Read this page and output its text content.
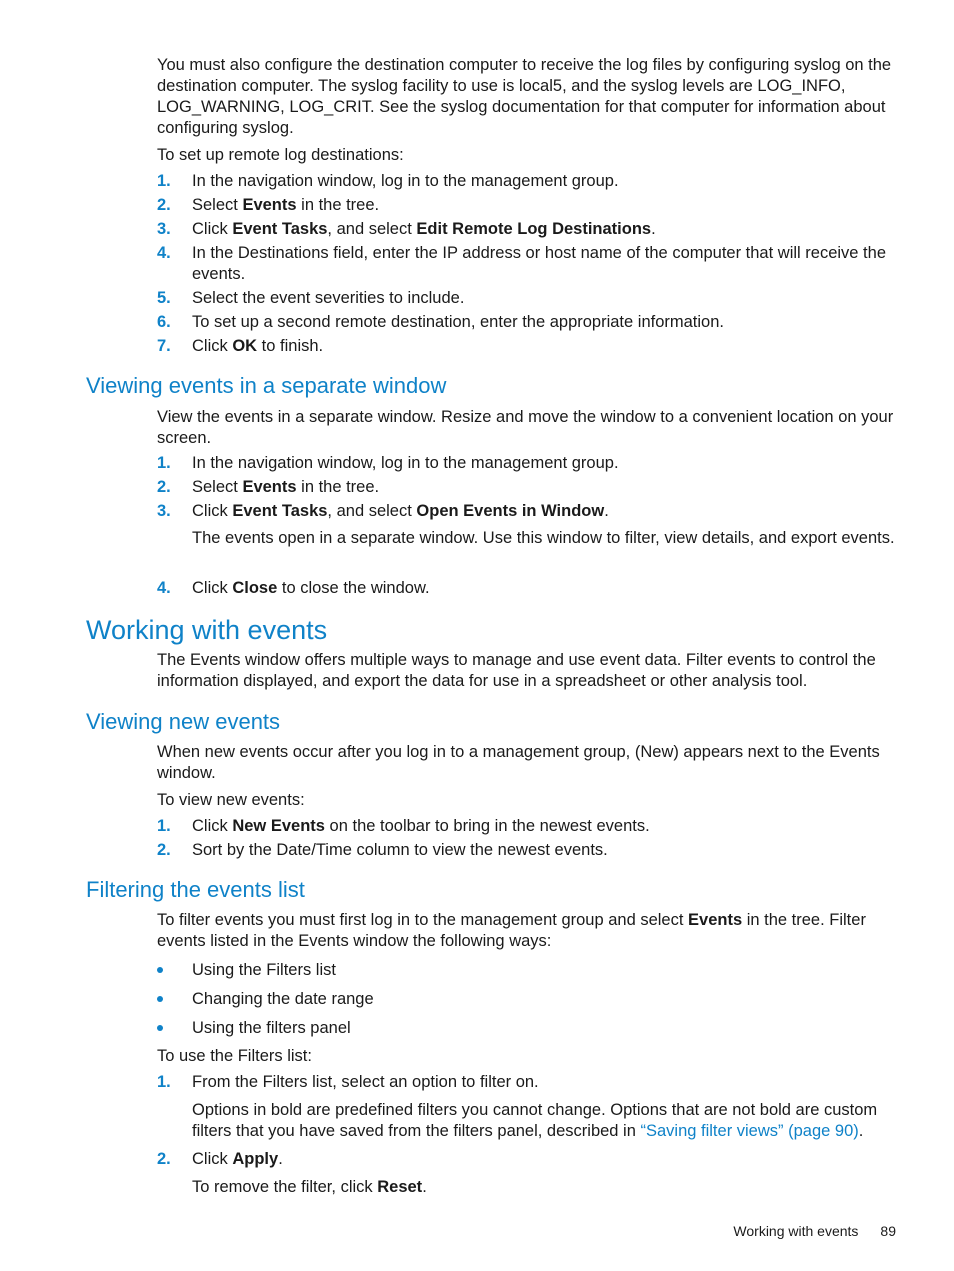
You must also configure the destination computer to receive the log files by configuring syslog on the destination computer. The syslog facility to use is local5, and the syslog levels are LOG_INFO, LOG_WARNING, LOG_CRIT. See the syslog documentation for that computer for information about configuring syslog.

To set up remote log destinations:

1.	In the navigation window, log in to the management group.
2.	Select Events in the tree.
3.	Click Event Tasks, and select Edit Remote Log Destinations.
4.	In the Destinations field, enter the IP address or host name of the computer that will receive the events.
5.	Select the event severities to include.
6.	To set up a second remote destination, enter the appropriate information.
7.	Click OK to finish.
Viewing events in a separate window

View the events in a separate window. Resize and move the window to a convenient location on your screen.

1.	In the navigation window, log in to the management group.
2.	Select Events in the tree.
3.	Click Event Tasks, and select Open Events in Window.

The events open in a separate window. Use this window to filter, view details, and export events.

4.	Click Close to close the window.
Working with events

The Events window offers multiple ways to manage and use event data. Filter events to control the information displayed, and export the data for use in a spreadsheet or other analysis tool.

Viewing new events

When new events occur after you log in to a management group, (New) appears next to the Events window.

To view new events:

1.	Click New Events on the toolbar to bring in the newest events.
2.	Sort by the Date/Time column to view the newest events.
Filtering the events list

To filter events you must first log in to the management group and select Events in the tree. Filter events listed in the Events window the following ways:

Using the Filters list
Changing the date range
Using the filters panel

To use the Filters list:

1.	From the Filters list, select an option to filter on.

Options in bold are predefined filters you cannot change. Options that are not bold are custom filters that you have saved from the filters panel, described in “Saving filter views” (page 90).

2.	Click Apply.

To remove the filter, click Reset.

Working with events 89
